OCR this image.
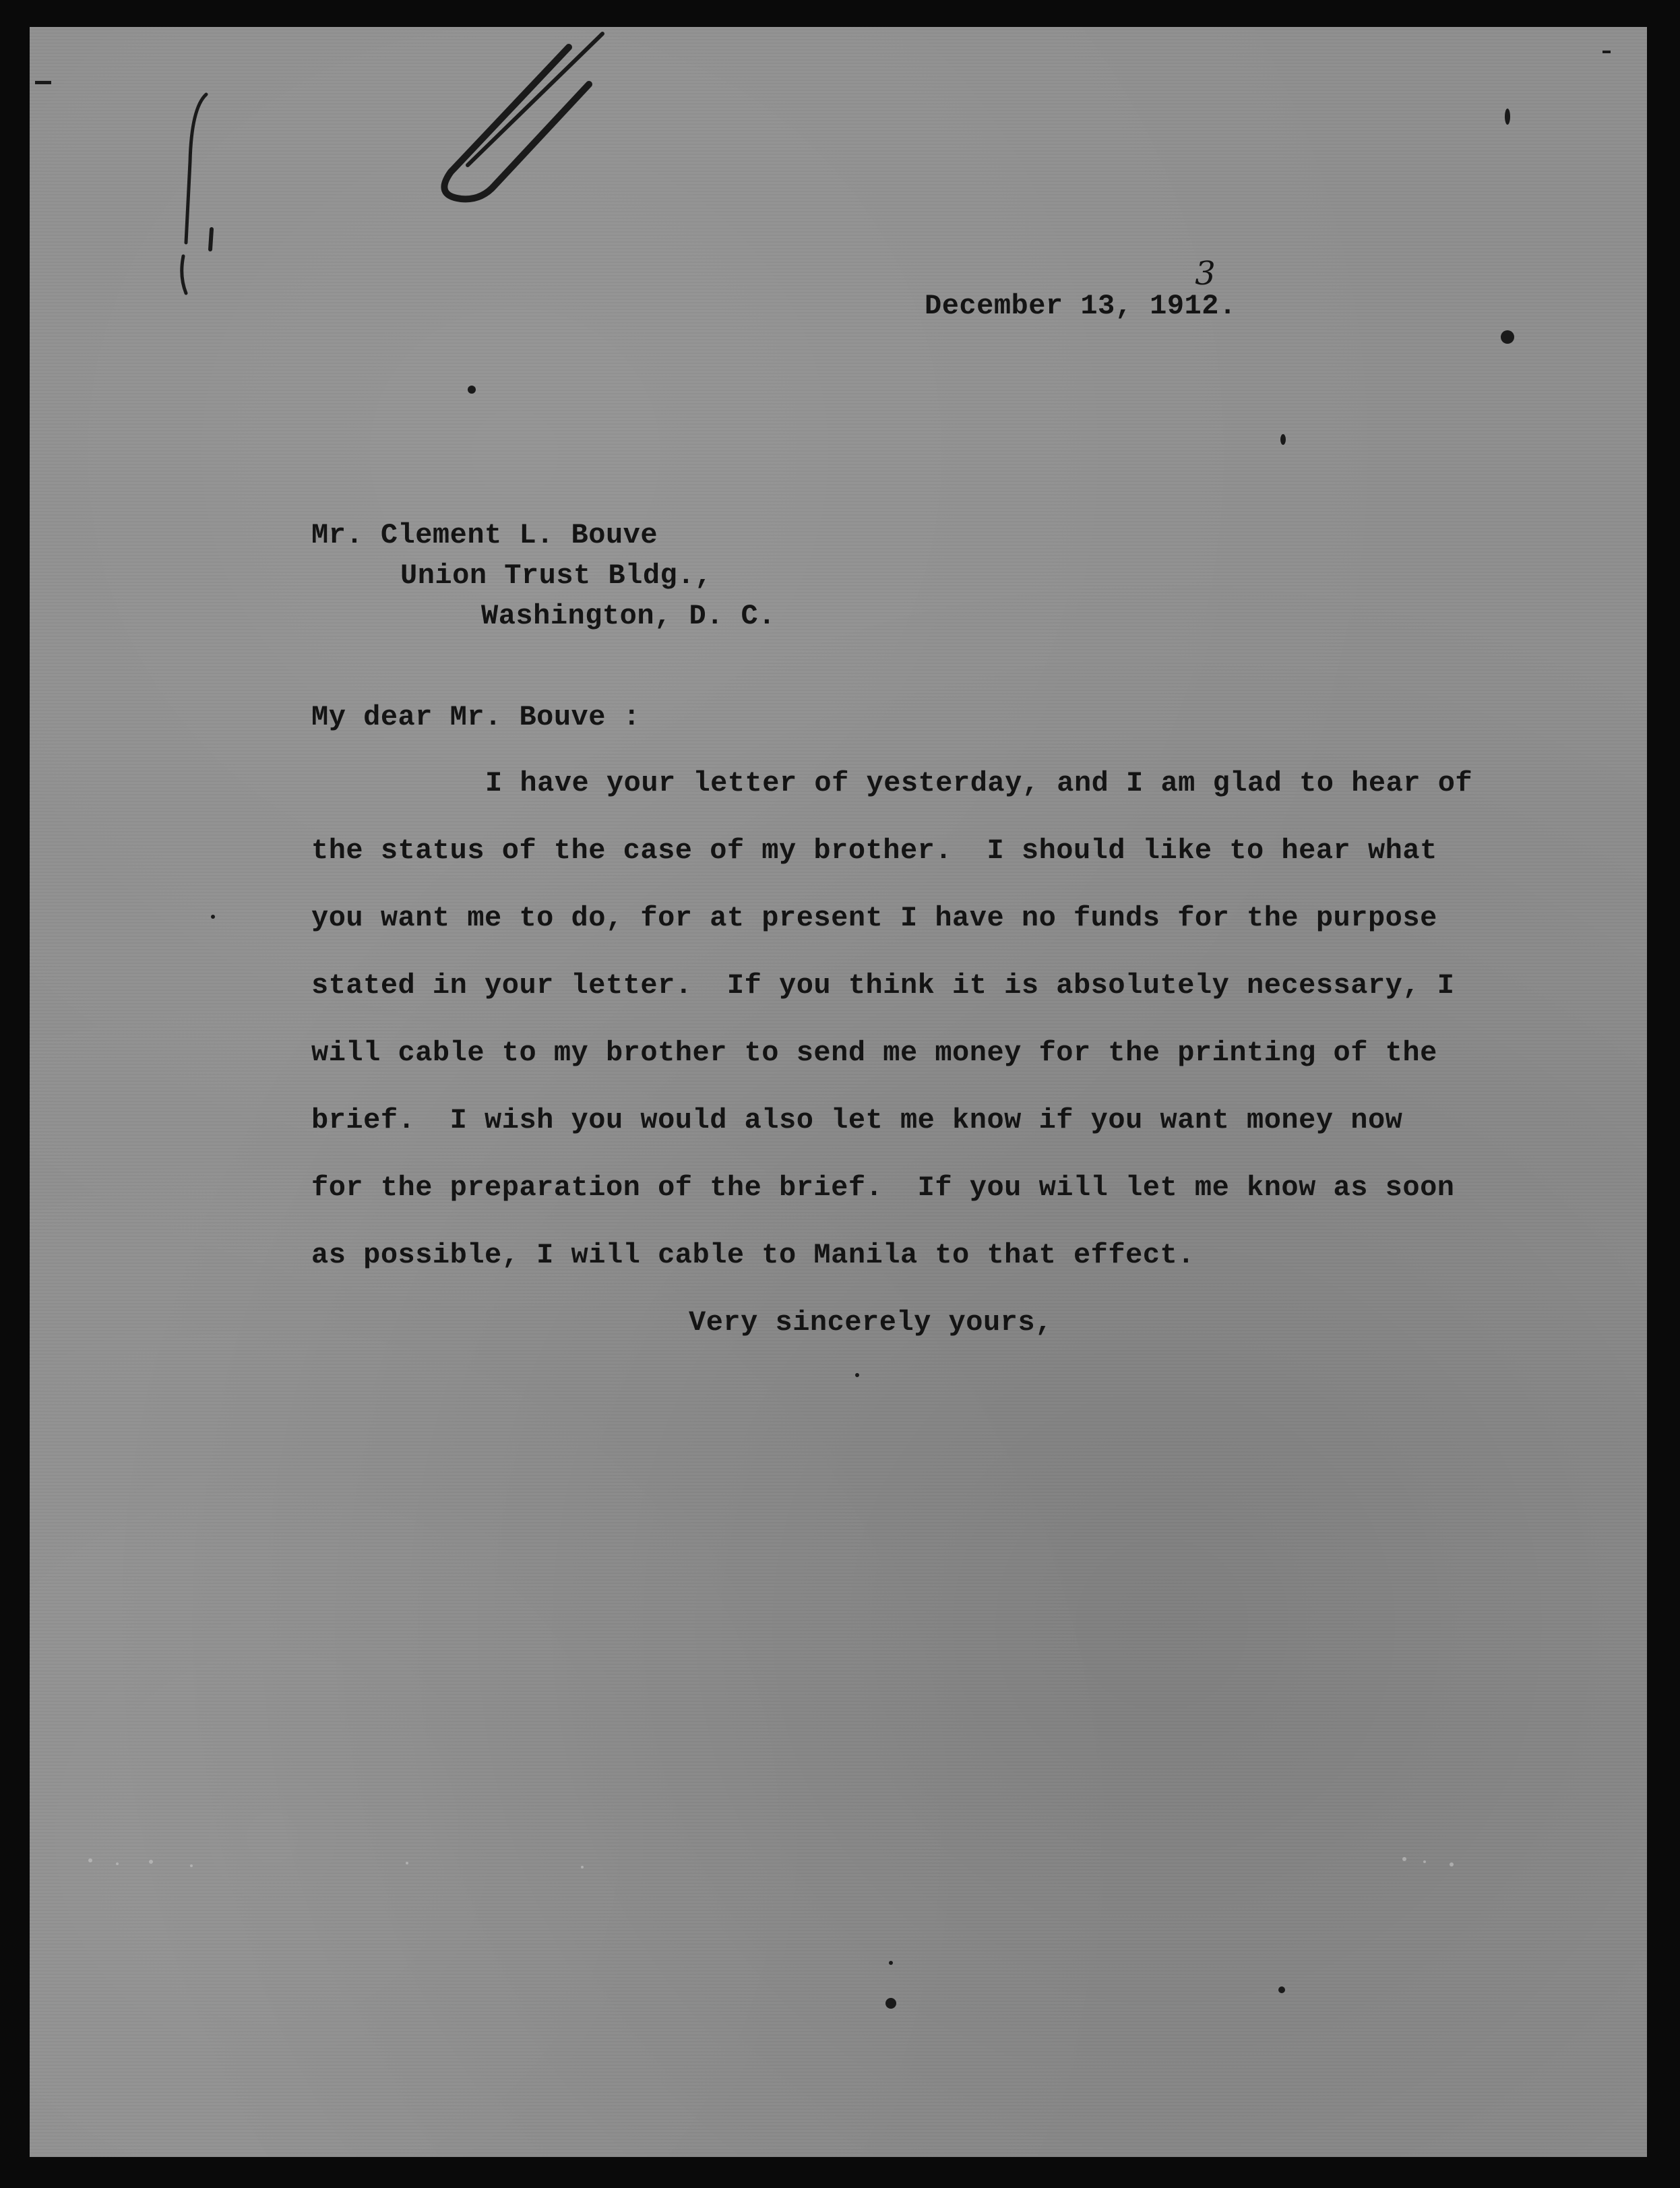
December 13, 1912
3
.
Mr. Clement L. Bouve
Union Trust Bldg.,
Washington, D. C.
My dear Mr. Bouve :
I have your letter of yesterday, and I am glad to hear of
the status of the case of my brother.  I should like to hear what
you want me to do, for at present I have no funds for the purpose
stated in your letter.  If you think it is absolutely necessary, I
will cable to my brother to send me money for the printing of the
brief.  I wish you would also let me know if you want money now
for the preparation of the brief.  If you will let me know as soon
as possible, I will cable to Manila to that effect.
Very sincerely yours,
